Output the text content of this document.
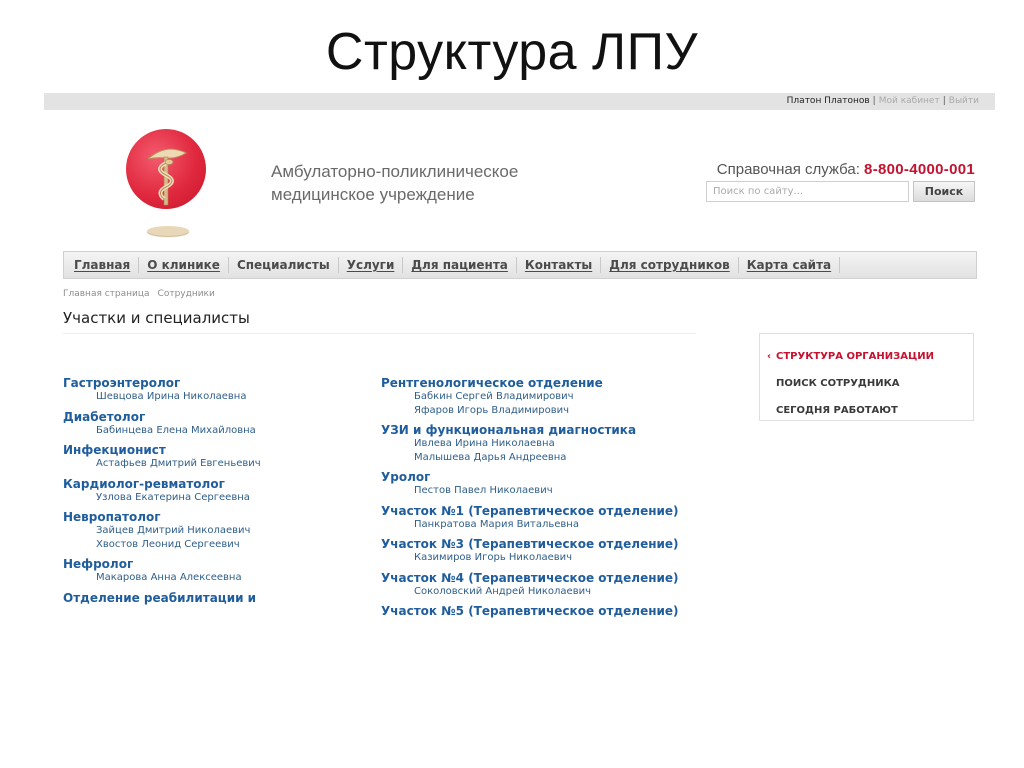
Структура ЛПУ
Платон Платонов | Мой кабинет | Выйти
Амбулаторно-поликлиническое
медицинское учреждение
Справочная служба: 8-800-4000-001
Поиск по сайту...
Поиск
Главная	О клинике	Специалисты	Услуги	Для пациента	Контакты	Для сотрудников	Карта сайта
Главная страница Сотрудники
Участки и специалисты
Гастроэнтеролог
Шевцова Ирина Николаевна
Диабетолог
Бабинцева Елена Михайловна
Инфекционист
Астафьев Дмитрий Евгеньевич
Кардиолог-ревматолог
Узлова Екатерина Сергеевна
Невропатолог
Зайцев Дмитрий Николаевич
Хвостов Леонид Сергеевич
Нефролог
Макарова Анна Алексеевна
Отделение реабилитации и
Рентгенологическое отделение
Бабкин Сергей Владимирович
Яфаров Игорь Владимирович
УЗИ и функциональная диагностика
Ивлева Ирина Николаевна
Малышева Дарья Андреевна
Уролог
Пестов Павел Николаевич
Участок №1 (Терапевтическое отделение)
Панкратова Мария Витальевна
Участок №3 (Терапевтическое отделение)
Казимиров Игорь Николаевич
Участок №4 (Терапевтическое отделение)
Соколовский Андрей Николаевич
Участок №5 (Терапевтическое отделение)
‹ СТРУКТУРА ОРГАНИЗАЦИИ
ПОИСК СОТРУДНИКА
СЕГОДНЯ РАБОТАЮТ
